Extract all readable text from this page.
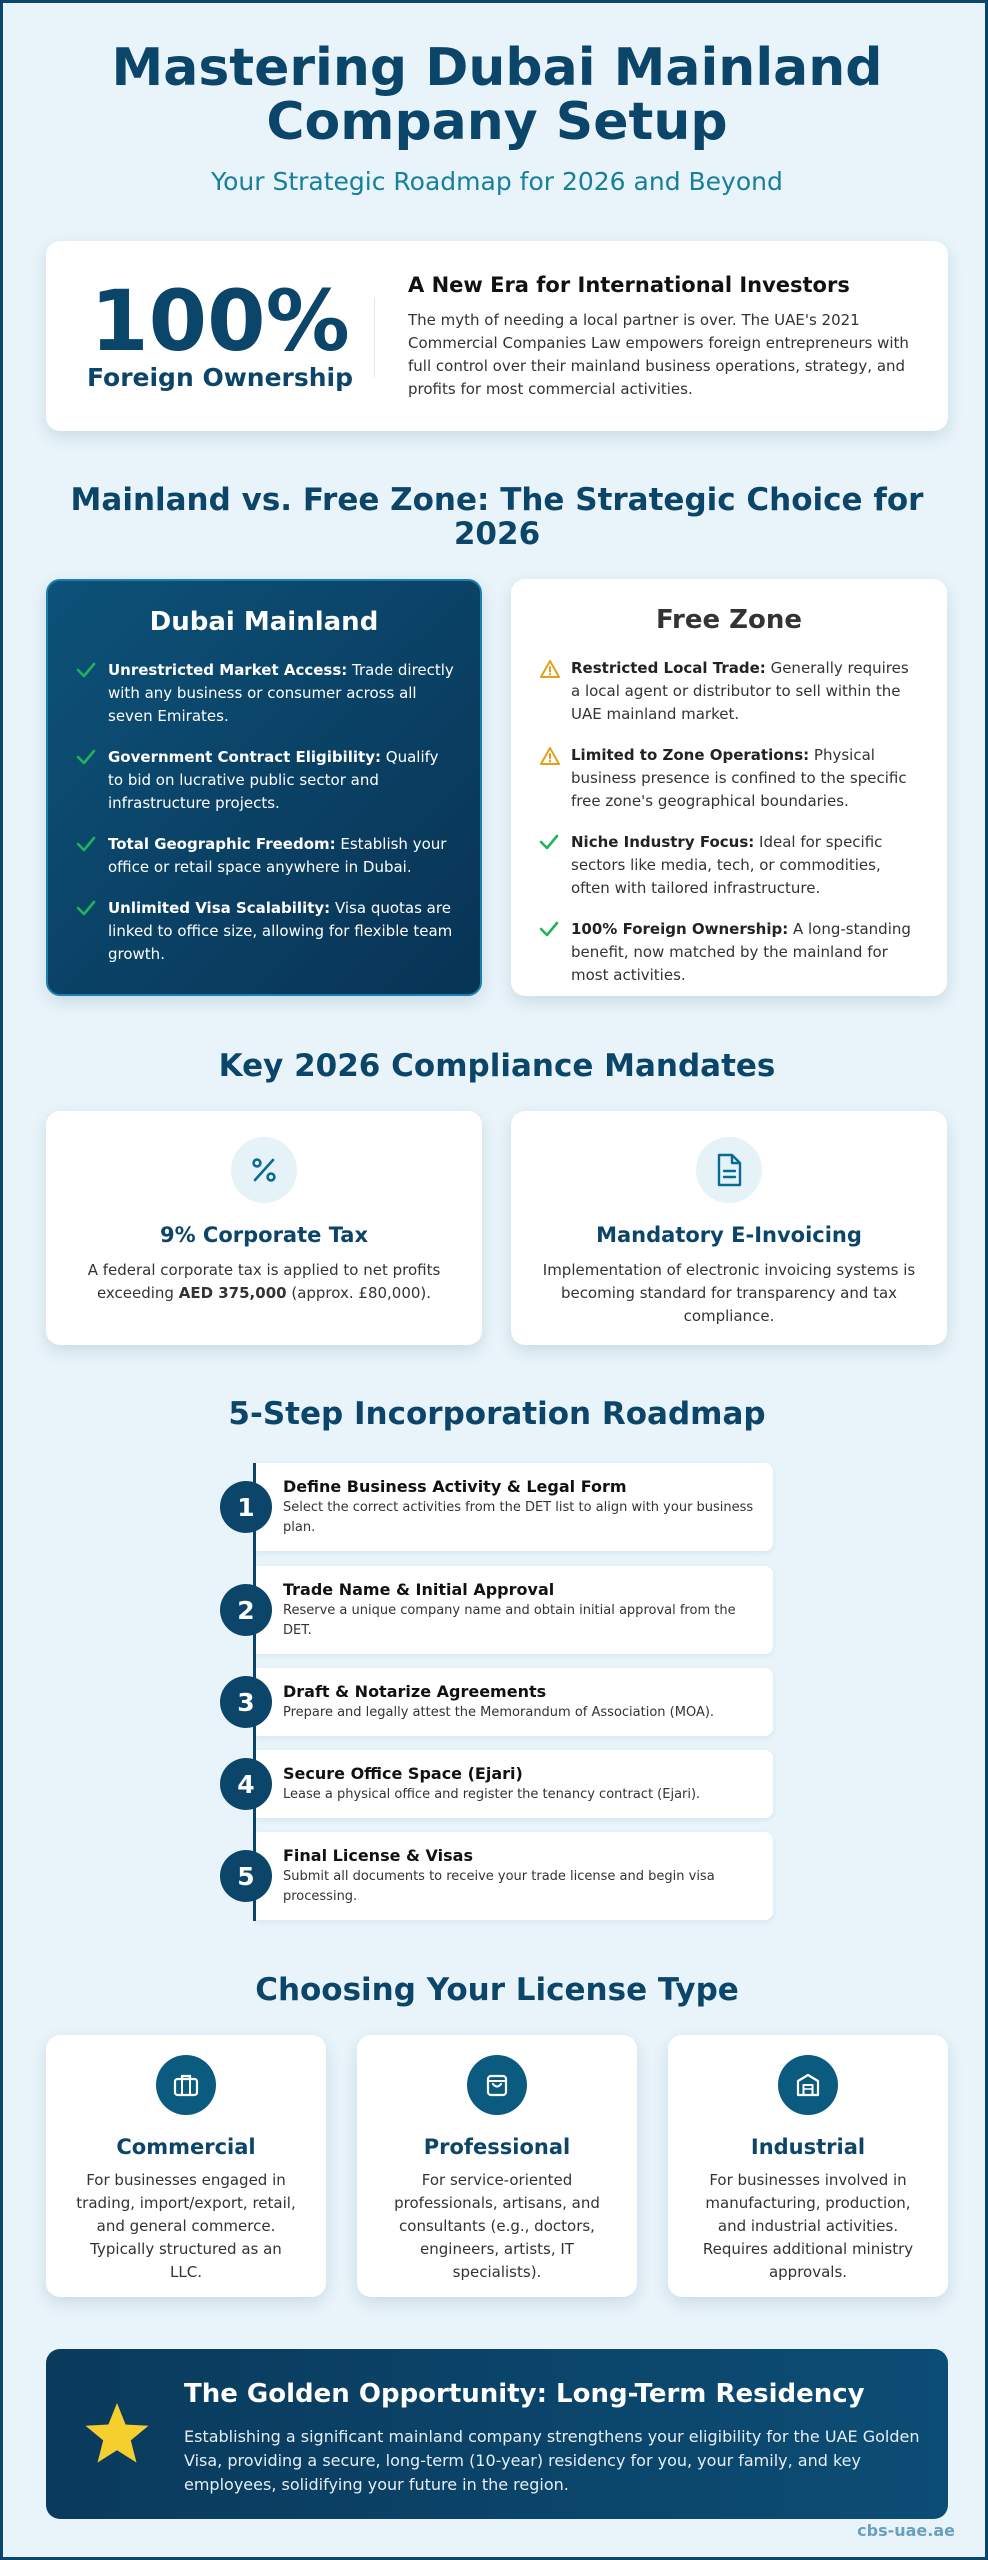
Mastering Dubai Mainland
Company Setup
Your Strategic Roadmap for 2026 and Beyond
100%
Foreign Ownership
A New Era for International Investors

The myth of needing a local partner is over. The UAE's 2021 Commercial Companies Law empowers foreign entrepreneurs with full control over their mainland business operations, strategy, and profits for most commercial activities.

Mainland vs. Free Zone: The Strategic Choice for 2026
Dubai Mainland
Unrestricted Market Access: Trade directly with any business or consumer across all seven Emirates.
Government Contract Eligibility: Qualify to bid on lucrative public sector and infrastructure projects.
Total Geographic Freedom: Establish your office or retail space anywhere in Dubai.
Unlimited Visa Scalability: Visa quotas are linked to office size, allowing for flexible team growth.
Free Zone
Restricted Local Trade: Generally requires a local agent or distributor to sell within the UAE mainland market.
Limited to Zone Operations: Physical business presence is confined to the specific free zone's geographical boundaries.
Niche Industry Focus: Ideal for specific sectors like media, tech, or commodities, often with tailored infrastructure.
100% Foreign Ownership: A long-standing benefit, now matched by the mainland for most activities.
Key 2026 Compliance Mandates
9% Corporate Tax

A federal corporate tax is applied to net profits exceeding AED 375,000 (approx. £80,000).

Mandatory E-Invoicing

Implementation of electronic invoicing systems is becoming standard for transparency and tax compliance.

5-Step Incorporation Roadmap
Define Business Activity & Legal Form

Select the correct activities from the DET list to align with your business plan.

1
Trade Name & Initial Approval

Reserve a unique company name and obtain initial approval from the DET.

2
Draft & Notarize Agreements

Prepare and legally attest the Memorandum of Association (MOA).

3
Secure Office Space (Ejari)

Lease a physical office and register the tenancy contract (Ejari).

4
Final License & Visas

Submit all documents to receive your trade license and begin visa processing.

5
Choosing Your License Type
Commercial

For businesses engaged in trading, import/export, retail, and general commerce. Typically structured as an LLC.

Professional

For service-oriented professionals, artisans, and consultants (e.g., doctors, engineers, artists, IT specialists).

Industrial

For businesses involved in manufacturing, production, and industrial activities. Requires additional ministry approvals.

The Golden Opportunity: Long-Term Residency

Establishing a significant mainland company strengthens your eligibility for the UAE Golden Visa, providing a secure, long-term (10-year) residency for you, your family, and key employees, solidifying your future in the region.

cbs-uae.ae
